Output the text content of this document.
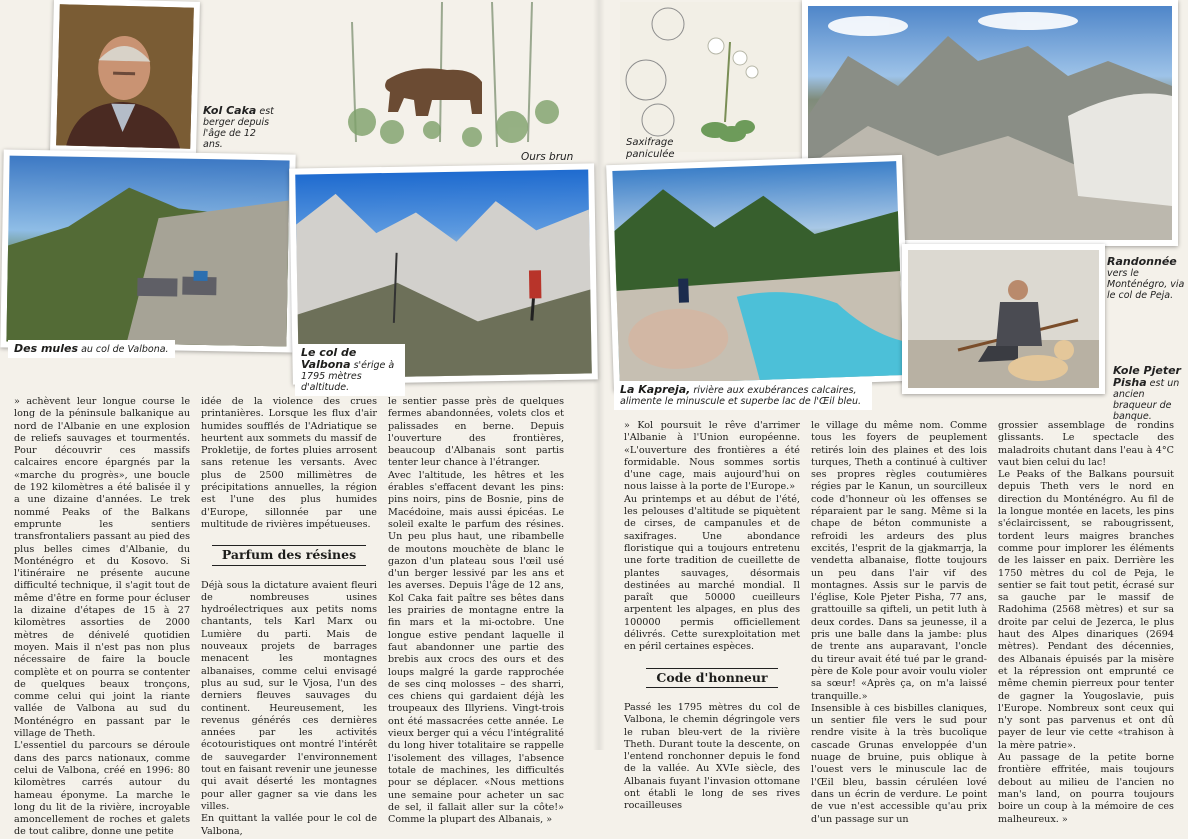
Kol Caka est berger depuis l'âge de 12 ans.
Ours brun
Saxifrage paniculée
Des mules au col de Valbona.	Le col de Valbona s'érige à 1795 mètres d'altitude.	La Kapreja, rivière aux exubérances calcaires, alimente le minuscule et superbe lac de l'Œil bleu.
Randonnée vers le Monténégro, via le col de Peja.
Kole Pjeter Pisha est un ancien braqueur de banque.

» achèvent leur longue course le long de la péninsule balkanique au nord de l'Albanie en une explosion de reliefs sauvages et tourmentés. Pour découvrir ces massifs calcaires encore épargnés par la «marche du progrès», une boucle de 192 kilomètres a été balisée il y a une dizaine d'années. Le trek nommé Peaks of the Balkans emprunte les sentiers transfrontaliers passant au pied des plus belles cimes d'Albanie, du Monténégro et du Kosovo. Si l'itinéraire ne présente aucune difficulté technique, il s'agit tout de même d'être en forme pour écluser la dizaine d'étapes de 15 à 27 kilomètres assorties de 2000 mètres de dénivelé quotidien moyen. Mais il n'est pas non plus nécessaire de faire la boucle complète et on pourra se contenter de quelques beaux tronçons, comme celui qui joint la riante vallée de Valbona au sud du Monténégro en passant par le village de Theth.

L'essentiel du parcours se déroule dans des parcs nationaux, comme celui de Valbona, créé en 1996: 80 kilomètres carrés autour du hameau éponyme. La marche le long du lit de la rivière, incroyable amoncellement de roches et galets de tout calibre, donne une petite

idée de la violence des crues printanières. Lorsque les flux d'air humides soufflés de l'Adriatique se heurtent aux sommets du massif de Prokletije, de fortes pluies arrosent sans retenue les versants. Avec plus de 2500 millimètres de précipitations annuelles, la région est l'une des plus humides d'Europe, sillonnée par une multitude de rivières impétueuses.

Parfum des résines

Déjà sous la dictature avaient fleuri de nombreuses usines hydroélectriques aux petits noms chantants, tels Karl Marx ou Lumière du parti. Mais de nouveaux projets de barrages menacent les montagnes albanaises, comme celui envisagé plus au sud, sur le Vjosa, l'un des derniers fleuves sauvages du continent. Heureusement, les revenus générés ces dernières années par les activités écotouristiques ont montré l'intérêt de sauvegarder l'environnement tout en faisant revenir une jeunesse qui avait déserté les montagnes pour aller gagner sa vie dans les villes.

En quittant la vallée pour le col de Valbona,

le sentier passe près de quelques fermes abandonnées, volets clos et palissades en berne. Depuis l'ouverture des frontières, beaucoup d'Albanais sont partis tenter leur chance à l'étranger.

Avec l'altitude, les hêtres et les érables s'effacent devant les pins: pins noirs, pins de Bosnie, pins de Macédoine, mais aussi épicéas. Le soleil exalte le parfum des résines. Un peu plus haut, une ribambelle de moutons mouchète de blanc le gazon d'un plateau sous l'œil usé d'un berger lessivé par les ans et les averses. Depuis l'âge de 12 ans, Kol Caka fait paître ses bêtes dans les prairies de montagne entre la fin mars et la mi-octobre. Une longue estive pendant laquelle il faut abandonner une partie des brebis aux crocs des ours et des loups malgré la garde rapprochée de ses cinq molosses – des sharri, ces chiens qui gardaient déjà les troupeaux des Illyriens. Vingt-trois ont été massacrées cette année. Le vieux berger qui a vécu l'intégralité du long hiver totalitaire se rappelle l'isolement des villages, l'absence totale de machines, les difficultés pour se déplacer. «Nous mettions une semaine pour acheter un sac de sel, il fallait aller sur la côte!» Comme la plupart des Albanais, »

» Kol poursuit le rêve d'arrimer l'Albanie à l'Union européenne. «L'ouverture des frontières a été formidable. Nous sommes sortis d'une cage, mais aujourd'hui on nous laisse à la porte de l'Europe.»

Au printemps et au début de l'été, les pelouses d'altitude se piquètent de cirses, de campanules et de saxifrages. Une abondance floristique qui a toujours entretenu une forte tradition de cueillette de plantes sauvages, désormais destinées au marché mondial. Il paraît que 50000 cueilleurs arpentent les alpages, en plus des 100000 permis officiellement délivrés. Cette surexploitation met en péril certaines espèces.

Code d'honneur

Passé les 1795 mètres du col de Valbona, le chemin dégringole vers le ruban bleu-vert de la rivière Theth. Durant toute la descente, on l'entend ronchonner depuis le fond de la vallée. Au XVIe siècle, des Albanais fuyant l'invasion ottomane ont établi le long de ses rives rocailleuses

le village du même nom. Comme tous les foyers de peuplement retirés loin des plaines et des lois turques, Theth a continué à cultiver ses propres règles coutumières régies par le Kanun, un sourcilleux code d'honneur où les offenses se réparaient par le sang. Même si la chape de béton communiste a refroidi les ardeurs des plus excités, l'esprit de la gjakmarrja, la vendetta albanaise, flotte toujours un peu dans l'air vif des montagnes. Assis sur le parvis de l'église, Kole Pjeter Pisha, 77 ans, grattouille sa qifteli, un petit luth à deux cordes. Dans sa jeunesse, il a pris une balle dans la jambe: plus de trente ans auparavant, l'oncle du tireur avait été tué par le grand-père de Kole pour avoir voulu violer sa sœur! «Après ça, on m'a laissé tranquille.»

Insensible à ces bisbilles claniques, un sentier file vers le sud pour rendre visite à la très bucolique cascade Grunas enveloppée d'un nuage de bruine, puis oblique à l'ouest vers le minuscule lac de l'Œil bleu, bassin céruléen lové dans un écrin de verdure. Le point de vue n'est accessible qu'au prix d'un passage sur un

grossier assemblage de rondins glissants. Le spectacle des maladroits chutant dans l'eau à 4°C vaut bien celui du lac!

Le Peaks of the Balkans poursuit depuis Theth vers le nord en direction du Monténégro. Au fil de la longue montée en lacets, les pins s'éclaircissent, se rabougrissent, tordent leurs maigres branches comme pour implorer les éléments de les laisser en paix. Derrière les 1750 mètres du col de Peja, le sentier se fait tout petit, écrasé sur sa gauche par le massif de Radohima (2568 mètres) et sur sa droite par celui de Jezerca, le plus haut des Alpes dinariques (2694 mètres). Pendant des décennies, des Albanais épuisés par la misère et la répression ont emprunté ce même chemin pierreux pour tenter de gagner la Yougoslavie, puis l'Europe. Nombreux sont ceux qui n'y sont pas parvenus et ont dû payer de leur vie cette «trahison à la mère patrie».

Au passage de la petite borne frontière effritée, mais toujours debout au milieu de l'ancien no man's land, on pourra toujours boire un coup à la mémoire de ces malheureux. »
